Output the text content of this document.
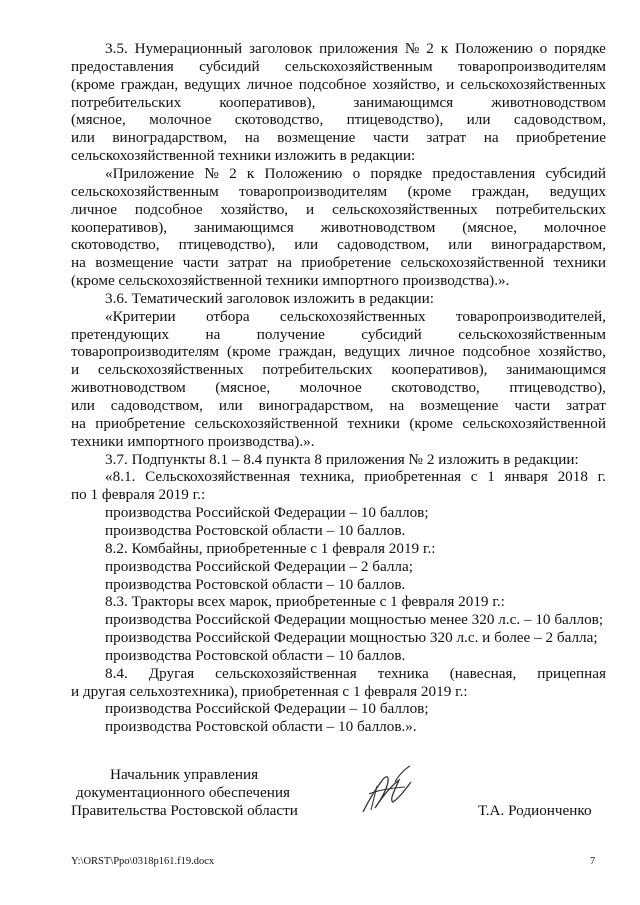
3.5. Нумерационный заголовок приложения № 2 к Положению о порядке
предоставления субсидий сельскохозяйственным товаропроизводителям
(кроме граждан, ведущих личное подсобное хозяйство, и сельскохозяйственных
потребительских	кооперативов),	занимающимся	животноводством
(мясное, молочное скотоводство, птицеводство), или садоводством,
или виноградарством, на возмещение части затрат на приобретение
сельскохозяйственной техники изложить в редакции:
«Приложение № 2 к Положению о порядке предоставления субсидий
сельскохозяйственным товаропроизводителям (кроме граждан, ведущих
личное подсобное хозяйство, и сельскохозяйственных потребительских
кооперативов), занимающимся животноводством (мясное, молочное
скотоводство, птицеводство), или садоводством, или виноградарством,
на возмещение части затрат на приобретение сельскохозяйственной техники
(кроме сельскохозяйственной техники импортного производства).».
3.6. Тематический заголовок изложить в редакции:
«Критерии отбора сельскохозяйственных товаропроизводителей,
претендующих на получение субсидий сельскохозяйственным
товаропроизводителям (кроме граждан, ведущих личное подсобное хозяйство,
и сельскохозяйственных потребительских кооперативов), занимающимся
животноводством (мясное, молочное скотоводство, птицеводство),
или садоводством, или виноградарством, на возмещение части затрат
на приобретение сельскохозяйственной техники (кроме сельскохозяйственной
техники импортного производства).».
3.7. Подпункты 8.1 – 8.4 пункта 8 приложения № 2 изложить в редакции:
«8.1. Сельскохозяйственная техника, приобретенная с 1 января 2018 г.
по 1 февраля 2019 г.:
производства Российской Федерации – 10 баллов;
производства Ростовской области – 10 баллов.
8.2. Комбайны, приобретенные с 1 февраля 2019 г.:
производства Российской Федерации – 2 балла;
производства Ростовской области – 10 баллов.
8.3. Тракторы всех марок, приобретенные с 1 февраля 2019 г.:
производства Российской Федерации мощностью менее 320 л.с. – 10 баллов;
производства Российской Федерации мощностью 320 л.с. и более – 2 балла;
производства Ростовской области – 10 баллов.
8.4. Другая сельскохозяйственная техника (навесная, прицепная
и другая сельхозтехника), приобретенная с 1 февраля 2019 г.:
производства Российской Федерации – 10 баллов;
производства Ростовской области – 10 баллов.».
Начальник управления
документационного обеспечения
Правительства Ростовской области	Т.А. Родионченко
Y:\ORST\Ppo\0318p161.f19.docx	7
